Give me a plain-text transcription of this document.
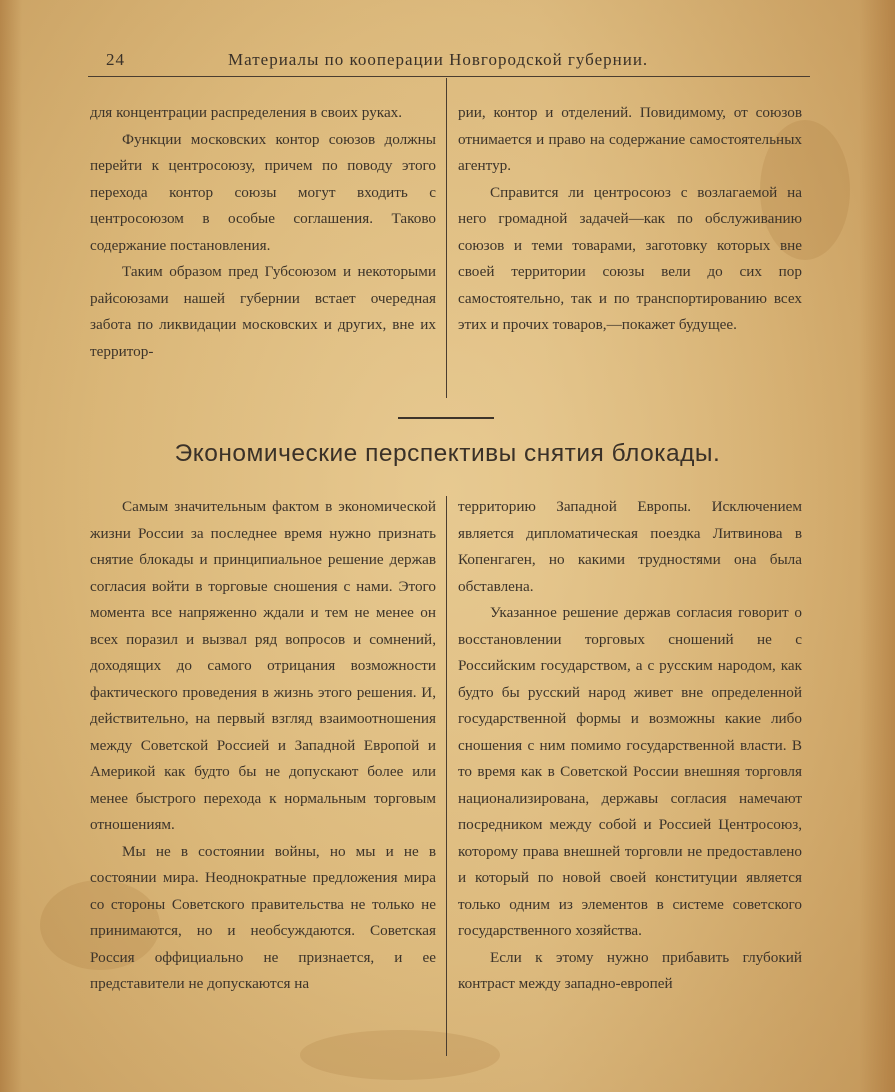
24	Материалы по кооперации Новгородской губернии.

для концентрации распределения в своих руках.

Функции московских контор союзов должны перейти к центросоюзу, причем по поводу этого перехода контор союзы могут входить с центросоюзом в особые соглашения. Таково содержание постановления.

Таким образом пред Губсоюзом и некоторыми райсоюзами нашей губернии встает очередная забота по ликвидации московских и других, вне их территор-

рии, контор и отделений. Повидимому, от союзов отнимается и право на содержание самостоятельных агентур.

Справится ли центросоюз с возлагаемой на него громадной задачей—как по обслуживанию союзов и теми товарами, заготовку которых вне своей территории союзы вели до сих пор самостоятельно, так и по транспортированию всех этих и прочих товаров,—покажет будущее.

Экономические перспективы снятия блокады.

Самым значительным фактом в экономической жизни России за последнее время нужно признать снятие блокады и принципиальное решение держав согласия войти в торговые сношения с нами. Этого момента все напряженно ждали и тем не менее он всех поразил и вызвал ряд вопросов и сомнений, доходящих до самого отрицания возможности фактического проведения в жизнь этого решения. И, действительно, на первый взгляд взаимоотношения между Советской Россией и Западной Европой и Америкой как будто бы не допускают более или менее быстрого перехода к нормальным торговым отношениям.

Мы не в состоянии войны, но мы и не в состоянии мира. Неоднократные предложения мира со стороны Советского правительства не только не принимаются, но и необсуждаются. Советская Россия оффициально не признается, и ее представители не допускаются на

территорию Западной Европы. Исключением является дипломатическая поездка Литвинова в Копенгаген, но какими трудностями она была обставлена.

Указанное решение держав согласия говорит о восстановлении торговых сношений не с Российским государством, а с русским народом, как будто бы русский народ живет вне определенной государственной формы и возможны какие либо сношения с ним помимо государственной власти. В то время как в Советской России внешняя торговля национализирована, державы согласия намечают посредником между собой и Россией Центросоюз, которому права внешней торговли не предоставлено и который по новой своей конституции является только одним из элементов в системе советского государственного хозяйства.

Если к этому нужно прибавить глубокий контраст между западно-европей
